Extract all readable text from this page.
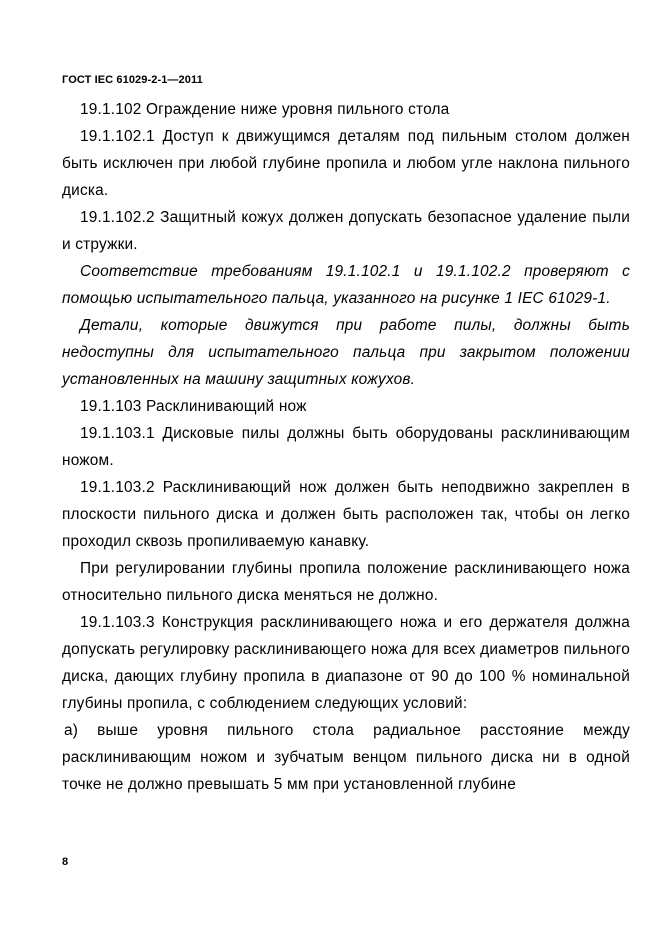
ГОСТ IEC 61029-2-1—2011

19.1.102 Ограждение ниже уровня пильного стола

19.1.102.1 Доступ к движущимся деталям под пильным столом должен быть исключен при любой глубине пропила и любом угле наклона пильного диска.

19.1.102.2 Защитный кожух должен допускать безопасное удаление пыли и стружки.

Соответствие требованиям 19.1.102.1 и 19.1.102.2 проверяют с помощью испытательного пальца, указанного на рисунке 1 IEC 61029-1.

Детали, которые движутся при работе пилы, должны быть недоступны для испытательного пальца при закрытом положении установленных на машину защитных кожухов.

19.1.103 Расклинивающий нож

19.1.103.1 Дисковые пилы должны быть оборудованы расклинивающим ножом.

19.1.103.2 Расклинивающий нож должен быть неподвижно закреплен в плоскости пильного диска и должен быть расположен так, чтобы он легко проходил сквозь пропиливаемую канавку.

При регулировании глубины пропила положение расклинивающего ножа относительно пильного диска меняться не должно.

19.1.103.3 Конструкция расклинивающего ножа и его держателя должна допускать регулировку расклинивающего ножа для всех диаметров пильного диска, дающих глубину пропила в диапазоне от 90 до 100 % номинальной глубины пропила, с соблюдением следующих условий:

а) выше уровня пильного стола радиальное расстояние между расклинивающим ножом и зубчатым венцом пильного диска ни в одной точке не должно превышать 5 мм при установленной глубине

8
